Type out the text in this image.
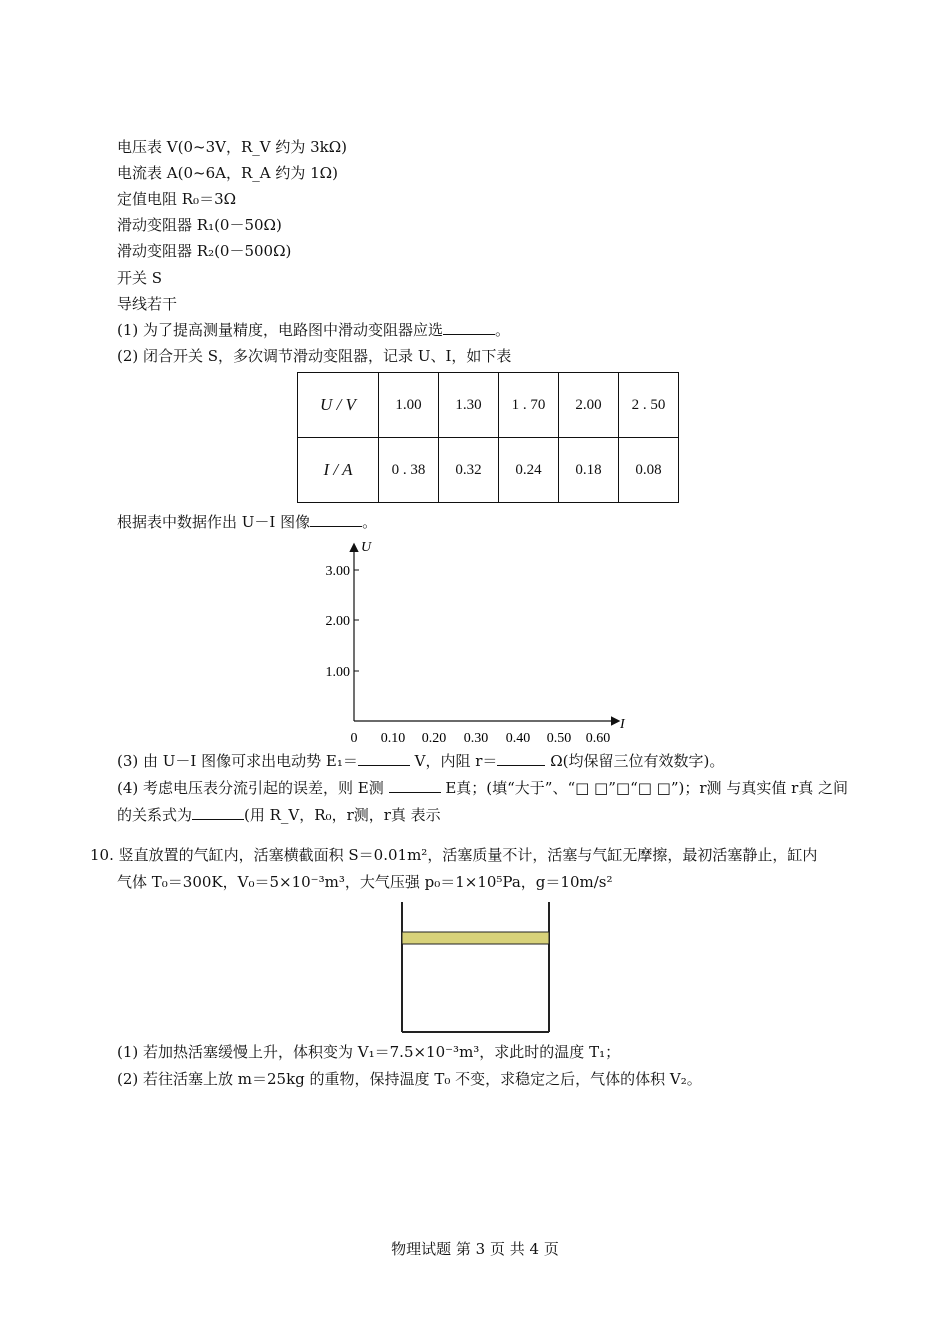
电压表 V(0~3V，R_V 约为 3kΩ)
电流表 A(0~6A，R_A 约为 1Ω)
定值电阻 R₀＝3Ω
滑动变阻器 R₁(0－50Ω)
滑动变阻器 R₂(0－500Ω)
开关 S
导线若干
(1) 为了提高测量精度，电路图中滑动变阻器应选	。
(2) 闭合开关 S，多次调节滑动变阻器，记录 U、I，如下表
U / V	1.00	1.30	1 . 70	2.00	2 . 50
I / A	0 . 38	0.32	0.24	0.18	0.08
根据表中数据作出 U－I 图像	。
U
I
3.00
2.00
1.00
0 0.10 0.20 0.30 0.40 0.50 0.60
(3) 由 U－I 图像可求出电动势 E₁＝	V，内阻 r＝	Ω(均保留三位有效数字)。
(4) 考虑电压表分流引起的误差，则 E测	E真；(填“大于”、“□ □”□“□ □”)；r测 与真实值 r真 之间
的关系式为	(用 R_V，R₀，r测，r真 表示
10. 竖直放置的气缸内，活塞横截面积 S＝0.01m²，活塞质量不计，活塞与气缸无摩擦，最初活塞静止，缸内
气体 T₀＝300K，V₀＝5×10⁻³m³，大气压强 p₀＝1×10⁵Pa，g＝10m/s²
(1) 若加热活塞缓慢上升，体积变为 V₁＝7.5×10⁻³m³，求此时的温度 T₁；
(2) 若往活塞上放 m＝25kg 的重物，保持温度 T₀ 不变，求稳定之后，气体的体积 V₂。
物理试题 第 3 页 共 4 页
